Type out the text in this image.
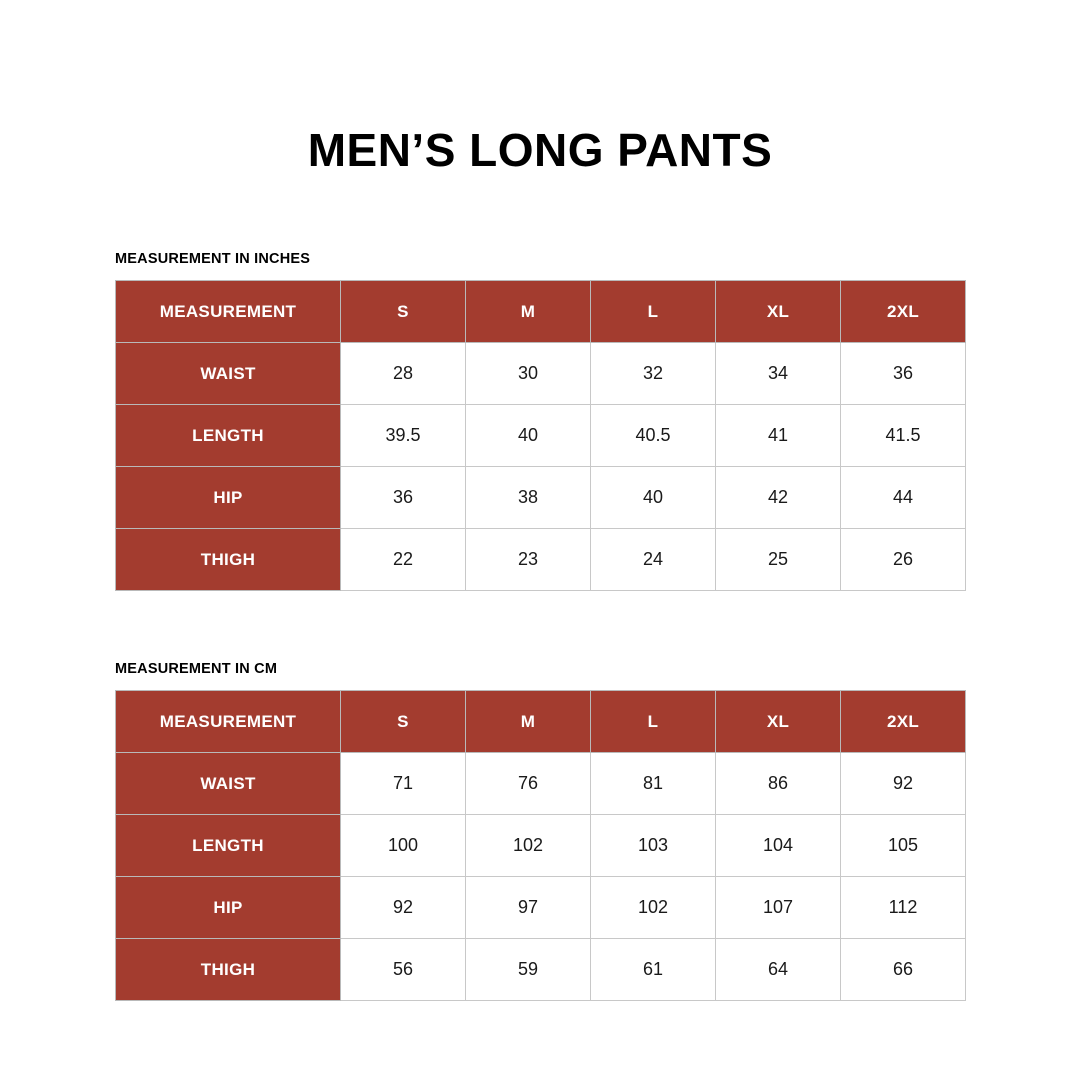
MEN’S LONG PANTS
MEASUREMENT IN INCHES
MEASUREMENT	S	M	L	XL	2XL
WAIST	28	30	32	34	36
LENGTH	39.5	40	40.5	41	41.5
HIP	36	38	40	42	44
THIGH	22	23	24	25	26
MEASUREMENT IN CM
MEASUREMENT	S	M	L	XL	2XL
WAIST	71	76	81	86	92
LENGTH	100	102	103	104	105
HIP	92	97	102	107	112
THIGH	56	59	61	64	66
